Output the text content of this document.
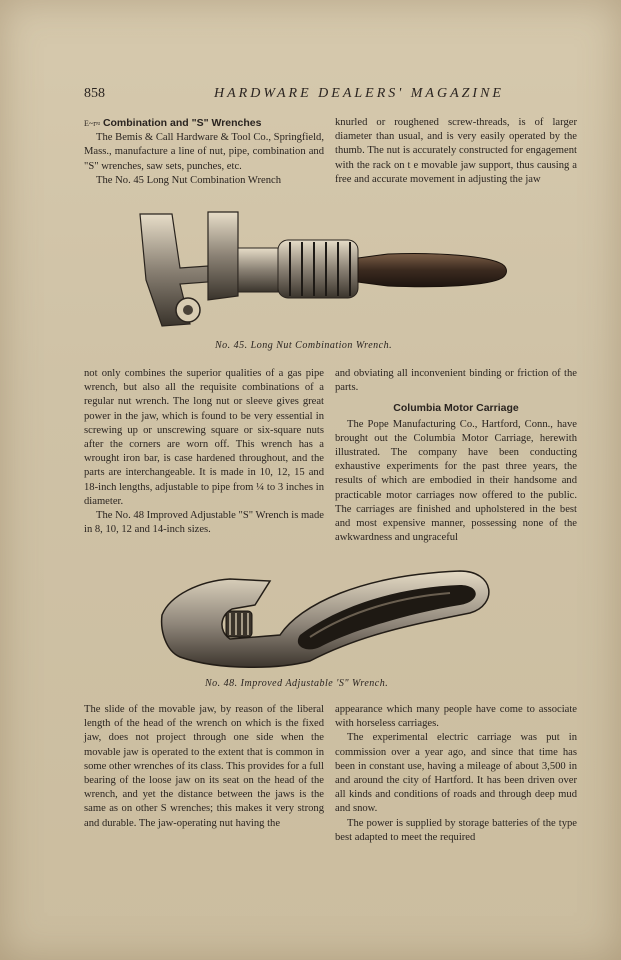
858	HARDWARE DEALERS' MAGAZINE

E~r≈ Combination and "S" Wrenches

The Bemis & Call Hardware & Tool Co., Springfield, Mass., manufacture a line of nut, pipe, combination and "S" wrenches, saw sets, punches, etc.

The No. 45 Long Nut Combination Wrench

knurled or roughened screw-threads, is of larger diameter than usual, and is very easily operated by the thumb. The nut is accurately constructed for engagement with the rack on t e movable jaw support, thus causing a free and accurate movement in adjusting the jaw

No. 45. Long Nut Combination Wrench.

not only combines the superior qualities of a gas pipe wrench, but also all the requisite combinations of a regular nut wrench. The long nut or sleeve gives great power in the jaw, which is found to be very essential in screwing up or unscrewing square or six-square nuts after the corners are worn off. This wrench has a wrought iron bar, is case hardened throughout, and the parts are interchangeable. It is made in 10, 12, 15 and 18-inch lengths, adjustable to pipe from ¼ to 3 inches in diameter.

The No. 48 Improved Adjustable "S" Wrench is made in 8, 10, 12 and 14-inch sizes.

and obviating all inconvenient binding or friction of the parts.

Columbia Motor Carriage

The Pope Manufacturing Co., Hartford, Conn., have brought out the Columbia Motor Carriage, herewith illustrated. The company have been conducting exhaustive experiments for the past three years, the results of which are embodied in their handsome and practicable motor carriages now offered to the public. The carriages are finished and upholstered in the best and most expensive manner, possessing none of the awkwardness and ungraceful

No. 48. Improved Adjustable 'S" Wrench.

The slide of the movable jaw, by reason of the liberal length of the head of the wrench on which is the fixed jaw, does not project through one side when the movable jaw is operated to the extent that is common in some other wrenches of its class. This provides for a full bearing of the loose jaw on its seat on the head of the wrench, and yet the distance between the jaws is the same as on other S wrenches; this makes it very strong and durable. The jaw-operating nut having the

appearance which many people have come to associate with horseless carriages.

The experimental electric carriage was put in commission over a year ago, and since that time has been in constant use, having a mileage of about 3,500 in and around the city of Hartford. It has been driven over all kinds and conditions of roads and through deep mud and snow.

The power is supplied by storage batteries of the type best adapted to meet the required
